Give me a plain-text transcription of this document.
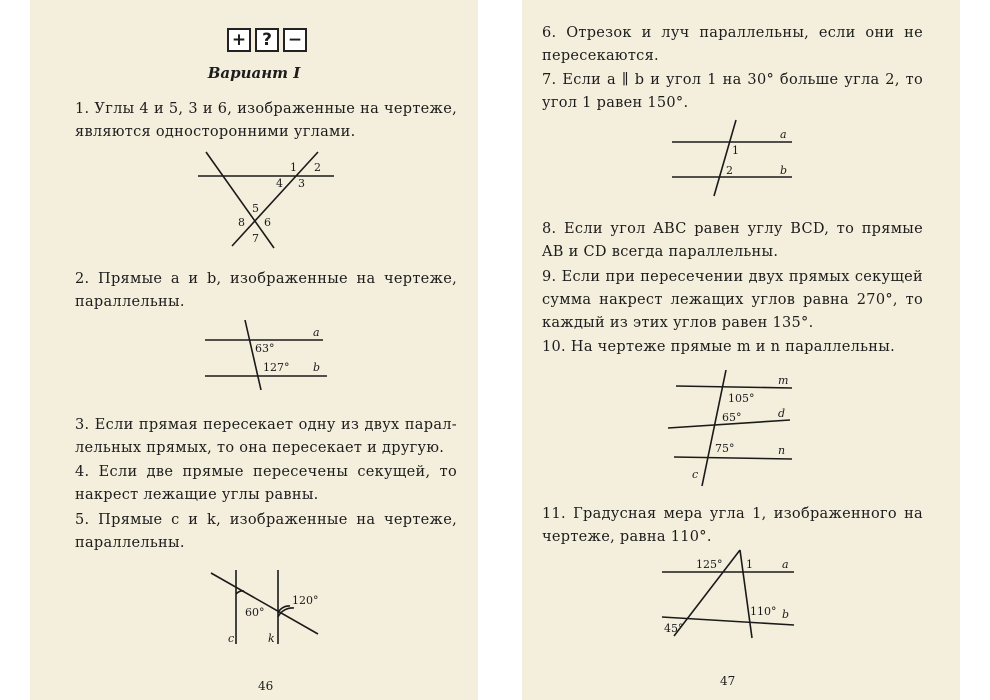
+ ? −
Вариант I
1. Углы 4 и 5, 3 и 6, изображенные на чертеже,
являются односторонними углами.
1 2
3
4
5
6
7
8
2. Прямые a и b, изображенные на чертеже,
параллельны.
a
b
63°
127°
3. Если прямая пересекает одну из двух парал-
лельных прямых, то она пересекает и другую.
4. Если две прямые пересечены секущей, то
накрест лежащие углы равны.
5. Прямые c и k, изображенные на чертеже,
параллельны.
60°
120°
c	k
46
6. Отрезок и луч параллельны, если они не
пересекаются.
7. Если a ∥ b и угол 1 на 30° больше угла 2, то
угол 1 равен 150°.
a
b
1
2
8. Если угол ABC равен углу BCD, то прямые
AB и CD всегда параллельны.
9. Если при пересечении двух прямых секущей
сумма накрест лежащих углов равна 270°, то
каждый из этих углов равен 135°.
10. На чертеже прямые m и n параллельны.
m
d
n
c
105°
65°
75°
11. Градусная мера угла 1, изображенного на
чертеже, равна 110°.
125° 1	a
110° b
45°
47
